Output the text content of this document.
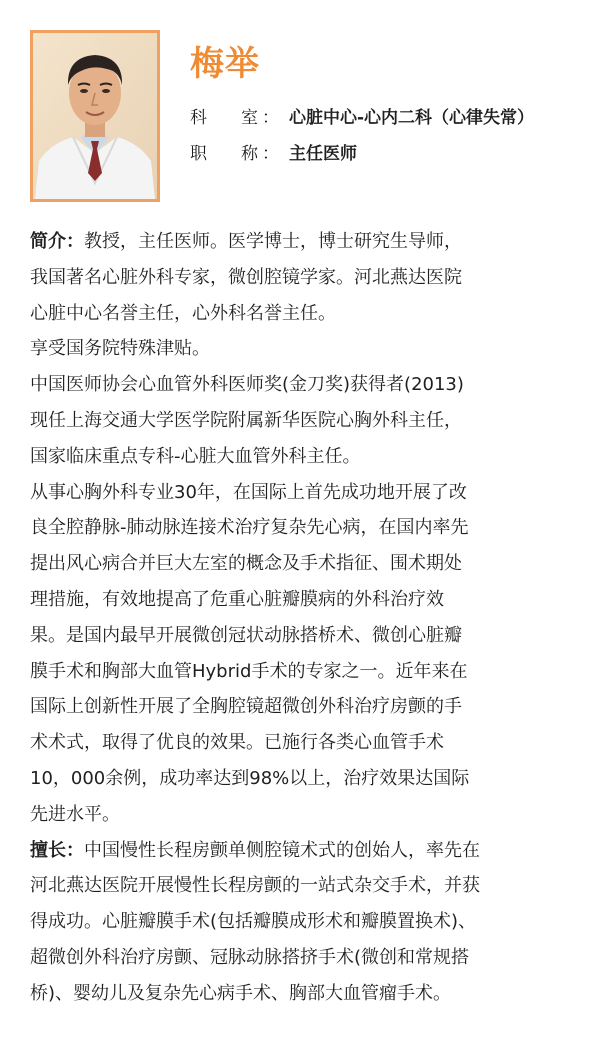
梅举
科　　室 ： 心脏中心-心内二科（心律失常）
职　　称 ： 主任医师

简介：教授，主任医师。医学博士，博士研究生导师，

我国著名心脏外科专家，微创腔镜学家。河北燕达医院

心脏中心名誉主任，心外科名誉主任。

享受国务院特殊津贴。

中国医师协会心血管外科医师奖(金刀奖)获得者(2013)

现任上海交通大学医学院附属新华医院心胸外科主任，

国家临床重点专科-心脏大血管外科主任。

从事心胸外科专业30年，在国际上首先成功地开展了改

良全腔静脉-肺动脉连接术治疗复杂先心病，在国内率先

提出风心病合并巨大左室的概念及手术指征、围术期处

理措施，有效地提高了危重心脏瓣膜病的外科治疗效

果。是国内最早开展微创冠状动脉搭桥术、微创心脏瓣

膜手术和胸部大血管Hybrid手术的专家之一。近年来在

国际上创新性开展了全胸腔镜超微创外科治疗房颤的手

术术式，取得了优良的效果。已施行各类心血管手术

10，000余例，成功率达到98%以上，治疗效果达国际

先进水平。

擅长：中国慢性长程房颤单侧腔镜术式的创始人，率先在

河北燕达医院开展慢性长程房颤的一站式杂交手术，并获

得成功。心脏瓣膜手术(包括瓣膜成形术和瓣膜置换术)、

超微创外科治疗房颤、冠脉动脉搭挤手术(微创和常规搭

桥)、婴幼儿及复杂先心病手术、胸部大血管瘤手术。
